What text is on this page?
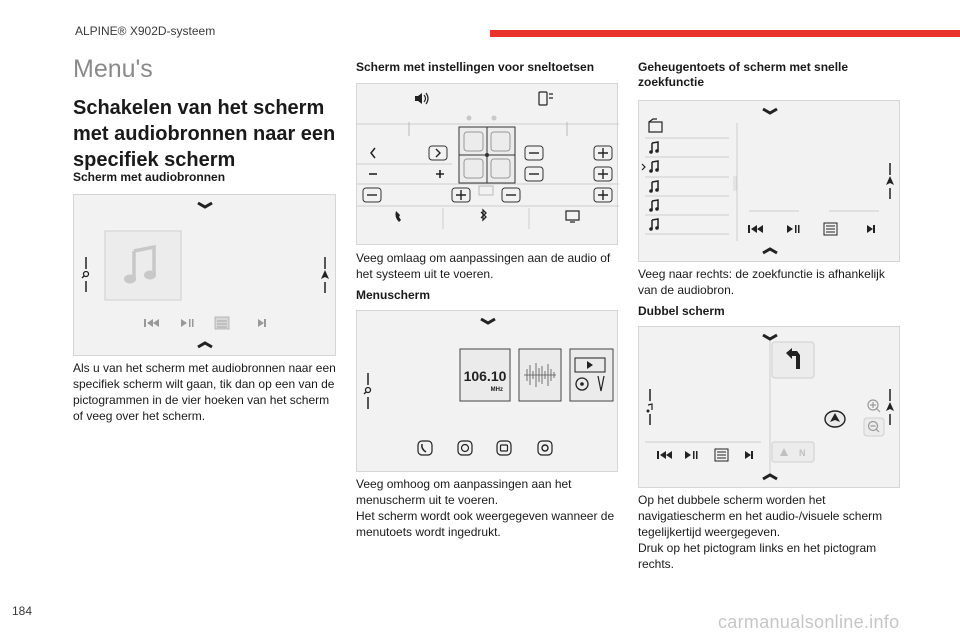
ALPINE® X902D-systeem
Menu's
Schakelen van het scherm met audiobronnen naar een specifiek scherm
Scherm met audiobronnen
Als u van het scherm met audiobronnen naar een specifiek scherm wilt gaan, tik dan op een van de pictogrammen in de vier hoeken van het scherm of veeg over het scherm.
Scherm met instellingen voor sneltoetsen
Veeg omlaag om aanpassingen aan de audio of het systeem uit te voeren.
Menuscherm
106.10
MHz
Veeg omhoog om aanpassingen aan het menuscherm uit te voeren.
Het scherm wordt ook weergegeven wanneer de menutoets wordt ingedrukt.
Geheugentoets of scherm met snelle zoekfunctie
Veeg naar rechts: de zoekfunctie is afhankelijk van de audiobron.
Dubbel scherm
N
Op het dubbele scherm worden het navigatiescherm en het audio-/visuele scherm tegelijkertijd weergegeven.
Druk op het pictogram links en het pictogram rechts.
184
carmanualsonline.info
